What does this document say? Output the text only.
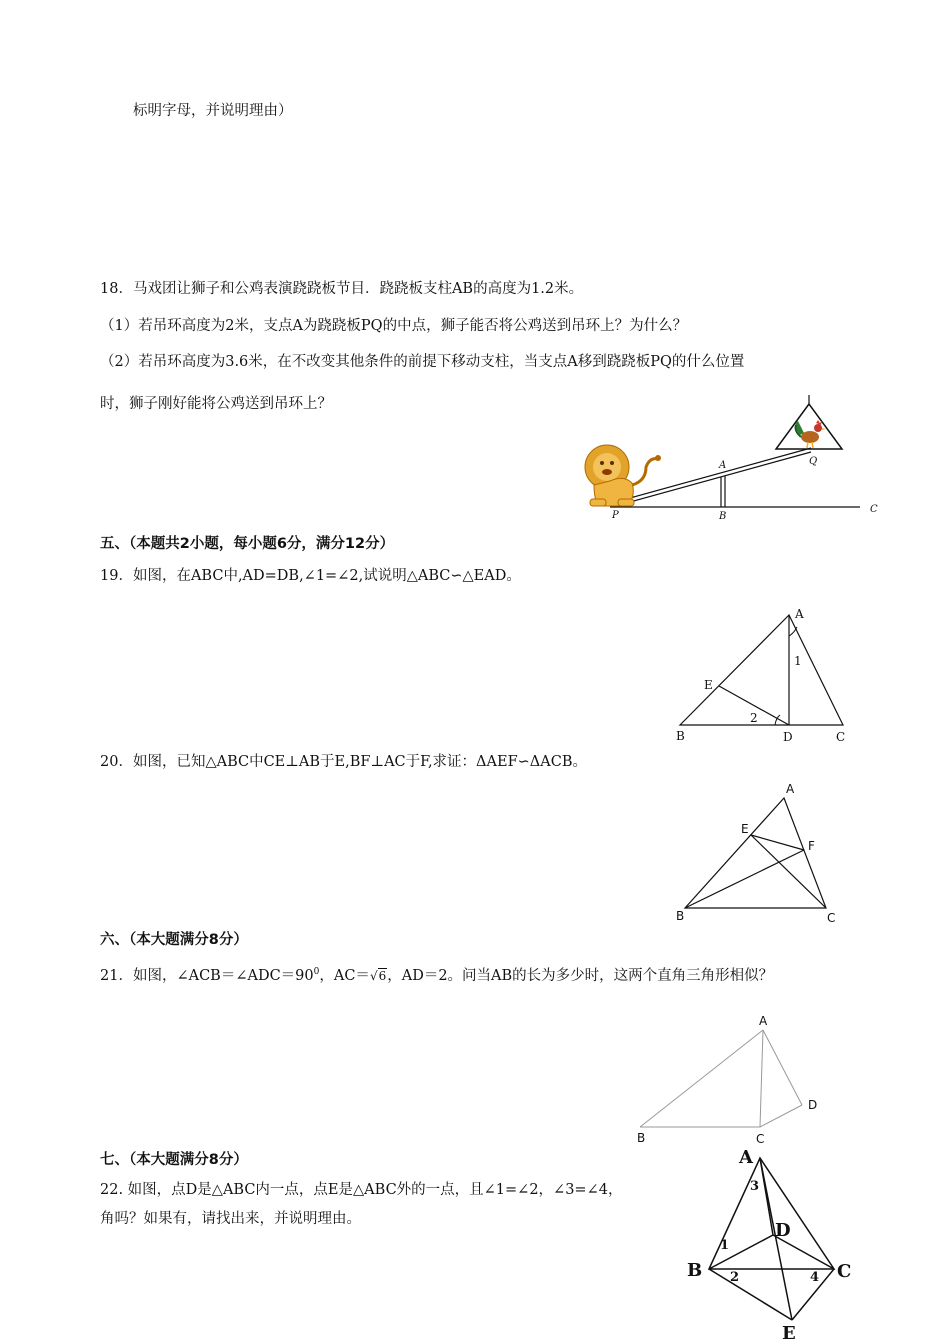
标明字母，并说明理由）
18．马戏团让狮子和公鸡表演跷跷板节目．跷跷板支柱AB的高度为1.2米。
（1）若吊环高度为2米，支点A为跷跷板PQ的中点，狮子能否将公鸡送到吊环上？为什么？
（2）若吊环高度为3.6米，在不改变其他条件的前提下移动支柱，当支点A移到跷跷板PQ的什么位置
时，狮子刚好能将公鸡送到吊环上？
A	Q
P	B
C
五、（本题共2小题，每小题6分，满分12分）
19．如图，在ABC中,AD=DB,∠1=∠2,试说明△ABC∽△EAD。
A
1
E
2
B	D	C
20．如图，已知△ABC中CE⊥AB于E,BF⊥AC于F,求证：ΔAEF∽ΔACB。
A
E
F
B	C
六、（本大题满分8分）
21．如图，$\angle ACB=\angle ADC=90^0$，AC＝√6，AD＝2。问当AB的长为多少时，这两个直角三角形相似？
A
D
B	C
七、（本大题满分8分）
22. 如图，点D是△ABC内一点，点E是△ABC外的一点，且∠1=∠2，∠3=∠4，
角吗？如果有，请找出来，并说明理由。
A
3
D
1
B 2	4 C
E
